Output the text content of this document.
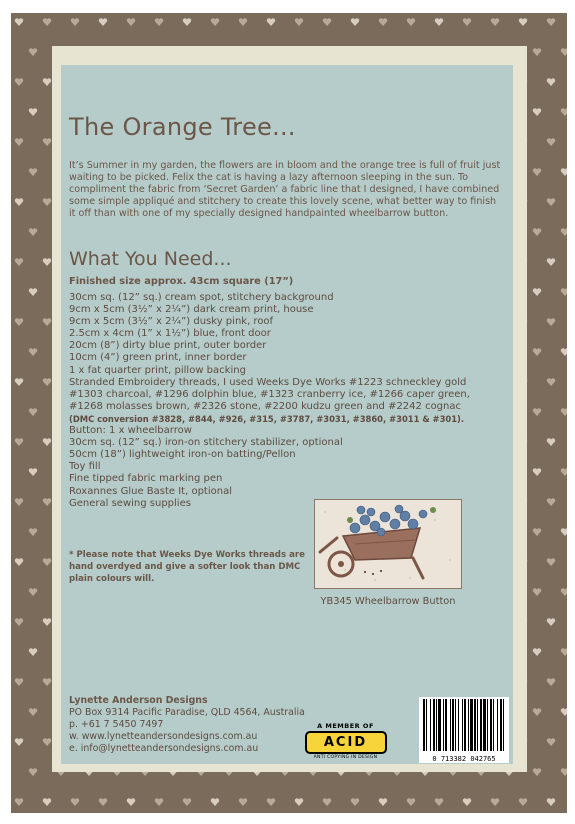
The Orange Tree...

It’s Summer in my garden, the flowers are in bloom and the orange tree is full of fruit just waiting to be picked. Felix the cat is having a lazy afternoon sleeping in the sun. To compliment the fabric from ‘Secret Garden’ a fabric line that I designed, I have combined some simple appliqué and stitchery to create this lovely scene, what better way to finish it off than with one of my specially designed handpainted wheelbarrow button.

What You Need...
Finished size approx. 43cm square (17”)
30cm sq. (12” sq.) cream spot, stitchery background
9cm x 5cm (3½” x 2¼”) dark cream print, house
9cm x 5cm (3½” x 2¼”) dusky pink, roof
2.5cm x 4cm (1” x 1½”) blue, front door
20cm (8”) dirty blue print, outer border
10cm (4”) green print, inner border
1 x fat quarter print, pillow backing
Stranded Embroidery threads, I used Weeks Dye Works #1223 schneckley gold
#1303 charcoal, #1296 dolphin blue, #1323 cranberry ice, #1266 caper green,
#1268 molasses brown, #2326 stone, #2200 kudzu green and #2242 cognac
(DMC conversion #3828, #844, #926, #315, #3787, #3031, #3860, #3011 & #301).
Button: 1 x wheelbarrow
30cm sq. (12” sq.) iron-on stitchery stabilizer, optional
50cm (18”) lightweight iron-on batting/Pellon
Toy fill
Fine tipped fabric marking pen
Roxannes Glue Baste It, optional
General sewing supplies

* Please note that Weeks Dye Works threads are hand overdyed and give a softer look than DMC plain colours will.

YB345 Wheelbarrow Button
Lynette Anderson Designs
PO Box 9314 Pacific Paradise, QLD 4564, Australia
p. +61 7 5450 7497
w. www.lynetteandersondesigns.com.au
e. info@lynetteandersondesigns.com.au
A MEMBER OF
ACID
ANTI COPYING IN DESIGN	0 713382 042765
